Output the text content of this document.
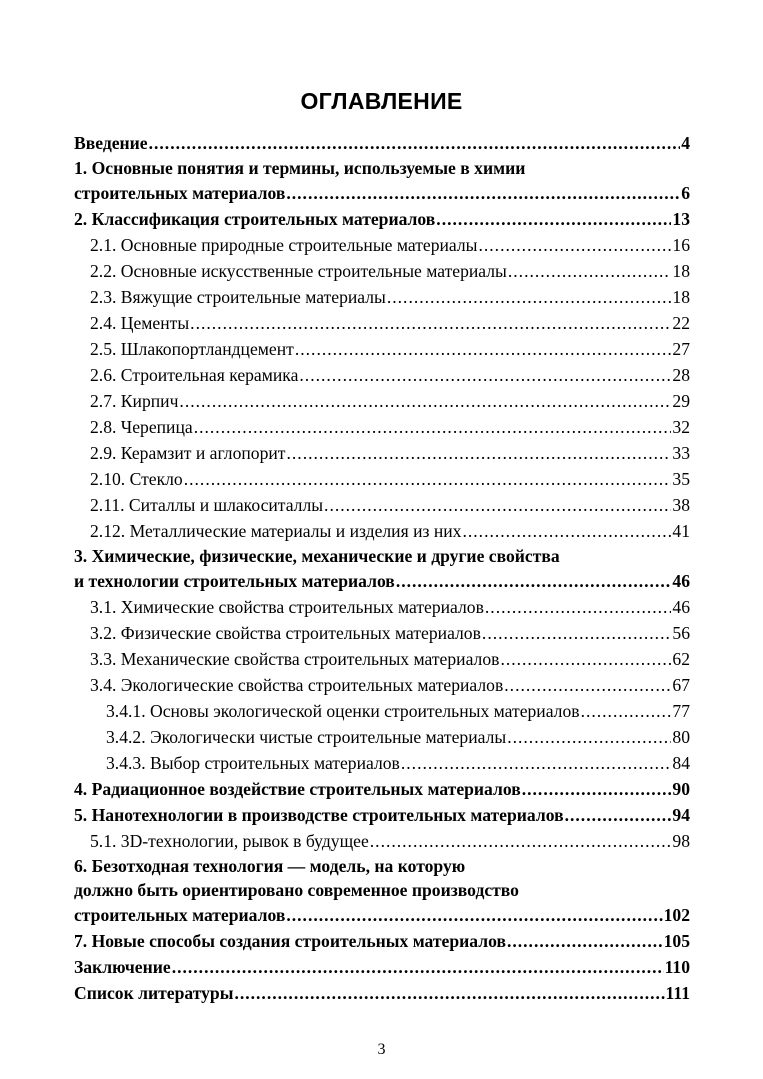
ОГЛАВЛЕНИЕ
Введение .....	4
1. Основные понятия и термины, используемые в химии
строительных материалов .....	6
2. Классификация строительных материалов .....	13
2.1. Основные природные строительные материалы .....	16
2.2. Основные искусственные строительные материалы .....	18
2.3. Вяжущие строительные материалы .....	18
2.4. Цементы .....	22
2.5. Шлакопортландцемент .....	27
2.6. Строительная керамика .....	28
2.7. Кирпич .....	29
2.8. Черепица .....	32
2.9. Керамзит и аглопорит .....	33
2.10. Стекло .....	35
2.11. Ситаллы и шлакоситаллы .....	38
2.12. Металлические материалы и изделия из них .....	41
3. Химические, физические, механические и другие свойства
и технологии строительных материалов .....	46
3.1. Химические свойства строительных материалов .....	46
3.2. Физические свойства строительных материалов .....	56
3.3. Механические свойства строительных материалов .....	62
3.4. Экологические свойства строительных материалов .....	67
3.4.1. Основы экологической оценки строительных материалов .....	77
3.4.2. Экологически чистые строительные материалы .....	80
3.4.3. Выбор строительных материалов .....	84
4. Радиационное воздействие строительных материалов .....	90
5. Нанотехнологии в производстве строительных материалов .....	94
5.1. 3D-технологии, рывок в будущее .....	98
6. Безотходная технология — модель, на которую
должно быть ориентировано современное производство
строительных материалов .....	102
7. Новые способы создания строительных материалов .....	105
Заключение .....	110
Список литературы .....	111
3
